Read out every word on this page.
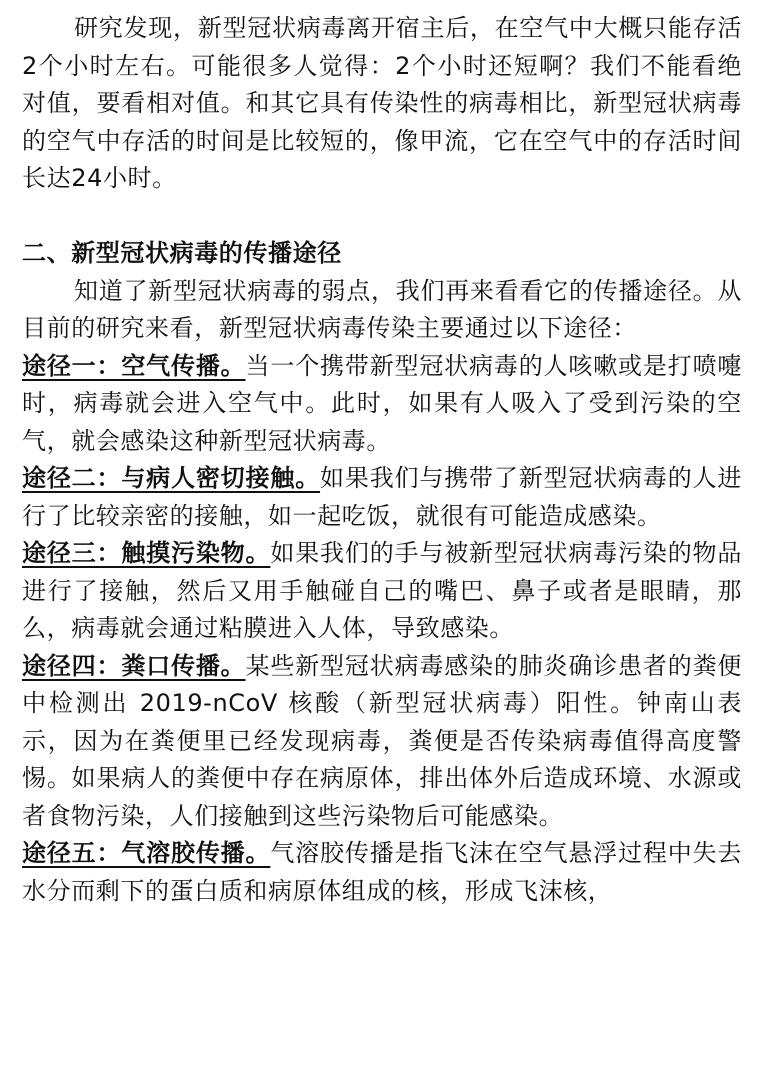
研究发现，新型冠状病毒离开宿主后，在空气中大概只能存活2个小时左右。可能很多人觉得：2个小时还短啊？我们不能看绝对值，要看相对值。和其它具有传染性的病毒相比，新型冠状病毒的空气中存活的时间是比较短的，像甲流，它在空气中的存活时间长达24小时。

二、新型冠状病毒的传播途径

知道了新型冠状病毒的弱点，我们再来看看它的传播途径。从目前的研究来看，新型冠状病毒传染主要通过以下途径：

途径一：空气传播。当一个携带新型冠状病毒的人咳嗽或是打喷嚏时，病毒就会进入空气中。此时，如果有人吸入了受到污染的空气，就会感染这种新型冠状病毒。

途径二：与病人密切接触。如果我们与携带了新型冠状病毒的人进行了比较亲密的接触，如一起吃饭，就很有可能造成感染。

途径三：触摸污染物。如果我们的手与被新型冠状病毒污染的物品进行了接触，然后又用手触碰自己的嘴巴、鼻子或者是眼睛，那么，病毒就会通过粘膜进入人体，导致感染。

途径四：粪口传播。某些新型冠状病毒感染的肺炎确诊患者的粪便中检测出 2019-nCoV 核酸（新型冠状病毒）阳性。钟南山表示，因为在粪便里已经发现病毒，粪便是否传染病毒值得高度警惕。如果病人的粪便中存在病原体，排出体外后造成环境、水源或者食物污染，人们接触到这些污染物后可能感染。

途径五：气溶胶传播。气溶胶传播是指飞沫在空气悬浮过程中失去水分而剩下的蛋白质和病原体组成的核，形成飞沫核，
